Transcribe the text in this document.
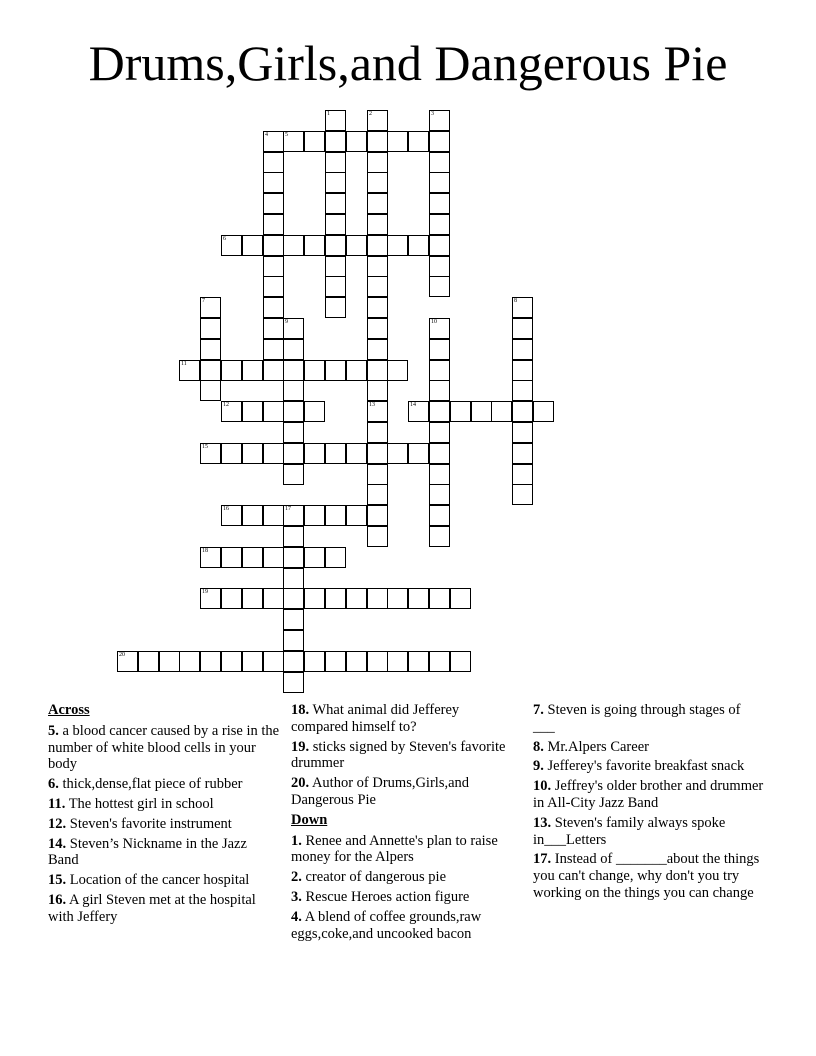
Drums,Girls,and Dangerous Pie
1	2
13
3
4	5
6
7	8
9	10
11
12	14
15
16	17
18
19
20
Across
5. a blood cancer caused by a rise in the number of white blood cells in your body
6. thick,dense,flat piece of rubber
11. The hottest girl in school
12. Steven's favorite instrument
14. Steven’s Nickname in the Jazz Band
15. Location of the cancer hospital
16. A girl Steven met at the hospital with Jeffery
18. What animal did Jefferey compared himself to?
19. sticks signed by Steven's favorite drummer
20. Author of Drums,Girls,and Dangerous Pie
Down
1. Renee and Annette's plan to raise money for the Alpers
2. creator of dangerous pie
3. Rescue Heroes action figure
4. A blend of coffee grounds,raw eggs,coke,and uncooked bacon
7. Steven is going through stages of ___
8. Mr.Alpers Career
9. Jefferey's favorite breakfast snack
10. Jeffrey's older brother and drummer in All-City Jazz Band
13. Steven's family always spoke in___Letters
17. Instead of _______about the things you can't change, why don't you try working on the things you can change
